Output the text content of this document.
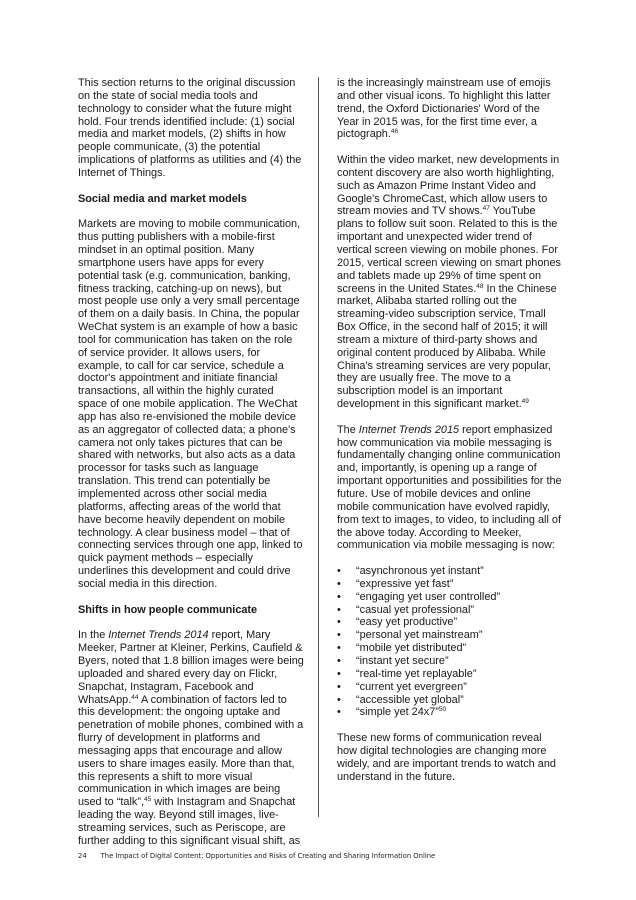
This section returns to the original discussion on the state of social media tools and technology to consider what the future might hold. Four trends identified include: (1) social media and market models, (2) shifts in how people communicate, (3) the potential implications of platforms as utilities and (4) the Internet of Things.

Social media and market models

Markets are moving to mobile communication, thus putting publishers with a mobile-first mindset in an optimal position. Many smartphone users have apps for every potential task (e.g. communication, banking, fitness tracking, catching-up on news), but most people use only a very small percentage of them on a daily basis. In China, the popular WeChat system is an example of how a basic tool for communication has taken on the role of service provider. It allows users, for example, to call for car service, schedule a doctor's appointment and initiate financial transactions, all within the highly curated space of one mobile application. The WeChat app has also re-envisioned the mobile device as an aggregator of collected data; a phone's camera not only takes pictures that can be shared with networks, but also acts as a data processor for tasks such as language translation. This trend can potentially be implemented across other social media platforms, affecting areas of the world that have become heavily dependent on mobile technology. A clear business model – that of connecting services through one app, linked to quick payment methods – especially underlines this development and could drive social media in this direction.

Shifts in how people communicate

In the Internet Trends 2014 report, Mary Meeker, Partner at Kleiner, Perkins, Caufield & Byers, noted that 1.8 billion images were being uploaded and shared every day on Flickr, Snapchat, Instagram, Facebook and WhatsApp.$^{44}$ A combination of factors led to this development: the ongoing uptake and penetration of mobile phones, combined with a flurry of development in platforms and messaging apps that encourage and allow users to share images easily. More than that, this represents a shift to more visual communication in which images are being used to “talk”,$^{45}$ with Instagram and Snapchat leading the way. Beyond still images, live-streaming services, such as Periscope, are further adding to this significant visual shift, as

is the increasingly mainstream use of emojis and other visual icons. To highlight this latter trend, the Oxford Dictionaries' Word of the Year in 2015 was, for the first time ever, a pictograph.$^{46}$

Within the video market, new developments in content discovery are also worth highlighting, such as Amazon Prime Instant Video and Google's ChromeCast, which allow users to stream movies and TV shows.$^{47}$ YouTube plans to follow suit soon. Related to this is the important and unexpected wider trend of vertical screen viewing on mobile phones. For 2015, vertical screen viewing on smart phones and tablets made up 29% of time spent on screens in the United States.$^{48}$ In the Chinese market, Alibaba started rolling out the streaming-video subscription service, Tmall Box Office, in the second half of 2015; it will stream a mixture of third-party shows and original content produced by Alibaba. While China's streaming services are very popular, they are usually free. The move to a subscription model is an important development in this significant market.$^{49}$

The Internet Trends 2015 report emphasized how communication via mobile messaging is fundamentally changing online communication and, importantly, is opening up a range of important opportunities and possibilities for the future. Use of mobile devices and online mobile communication have evolved rapidly, from text to images, to video, to including all of the above today. According to Meeker, communication via mobile messaging is now:

• “asynchronous yet instant”
• “expressive yet fast”
• “engaging yet user controlled”
• “casual yet professional”
• “easy yet productive”
• “personal yet mainstream”
• “mobile yet distributed”
• “instant yet secure”
• “real-time yet replayable”
• “current yet evergreen”
• “accessible yet global”
• “simple yet 24x7”$^{50}$

These new forms of communication reveal how digital technologies are changing more widely, and are important trends to watch and understand in the future.

24 The Impact of Digital Content: Opportunities and Risks of Creating and Sharing Information Online
